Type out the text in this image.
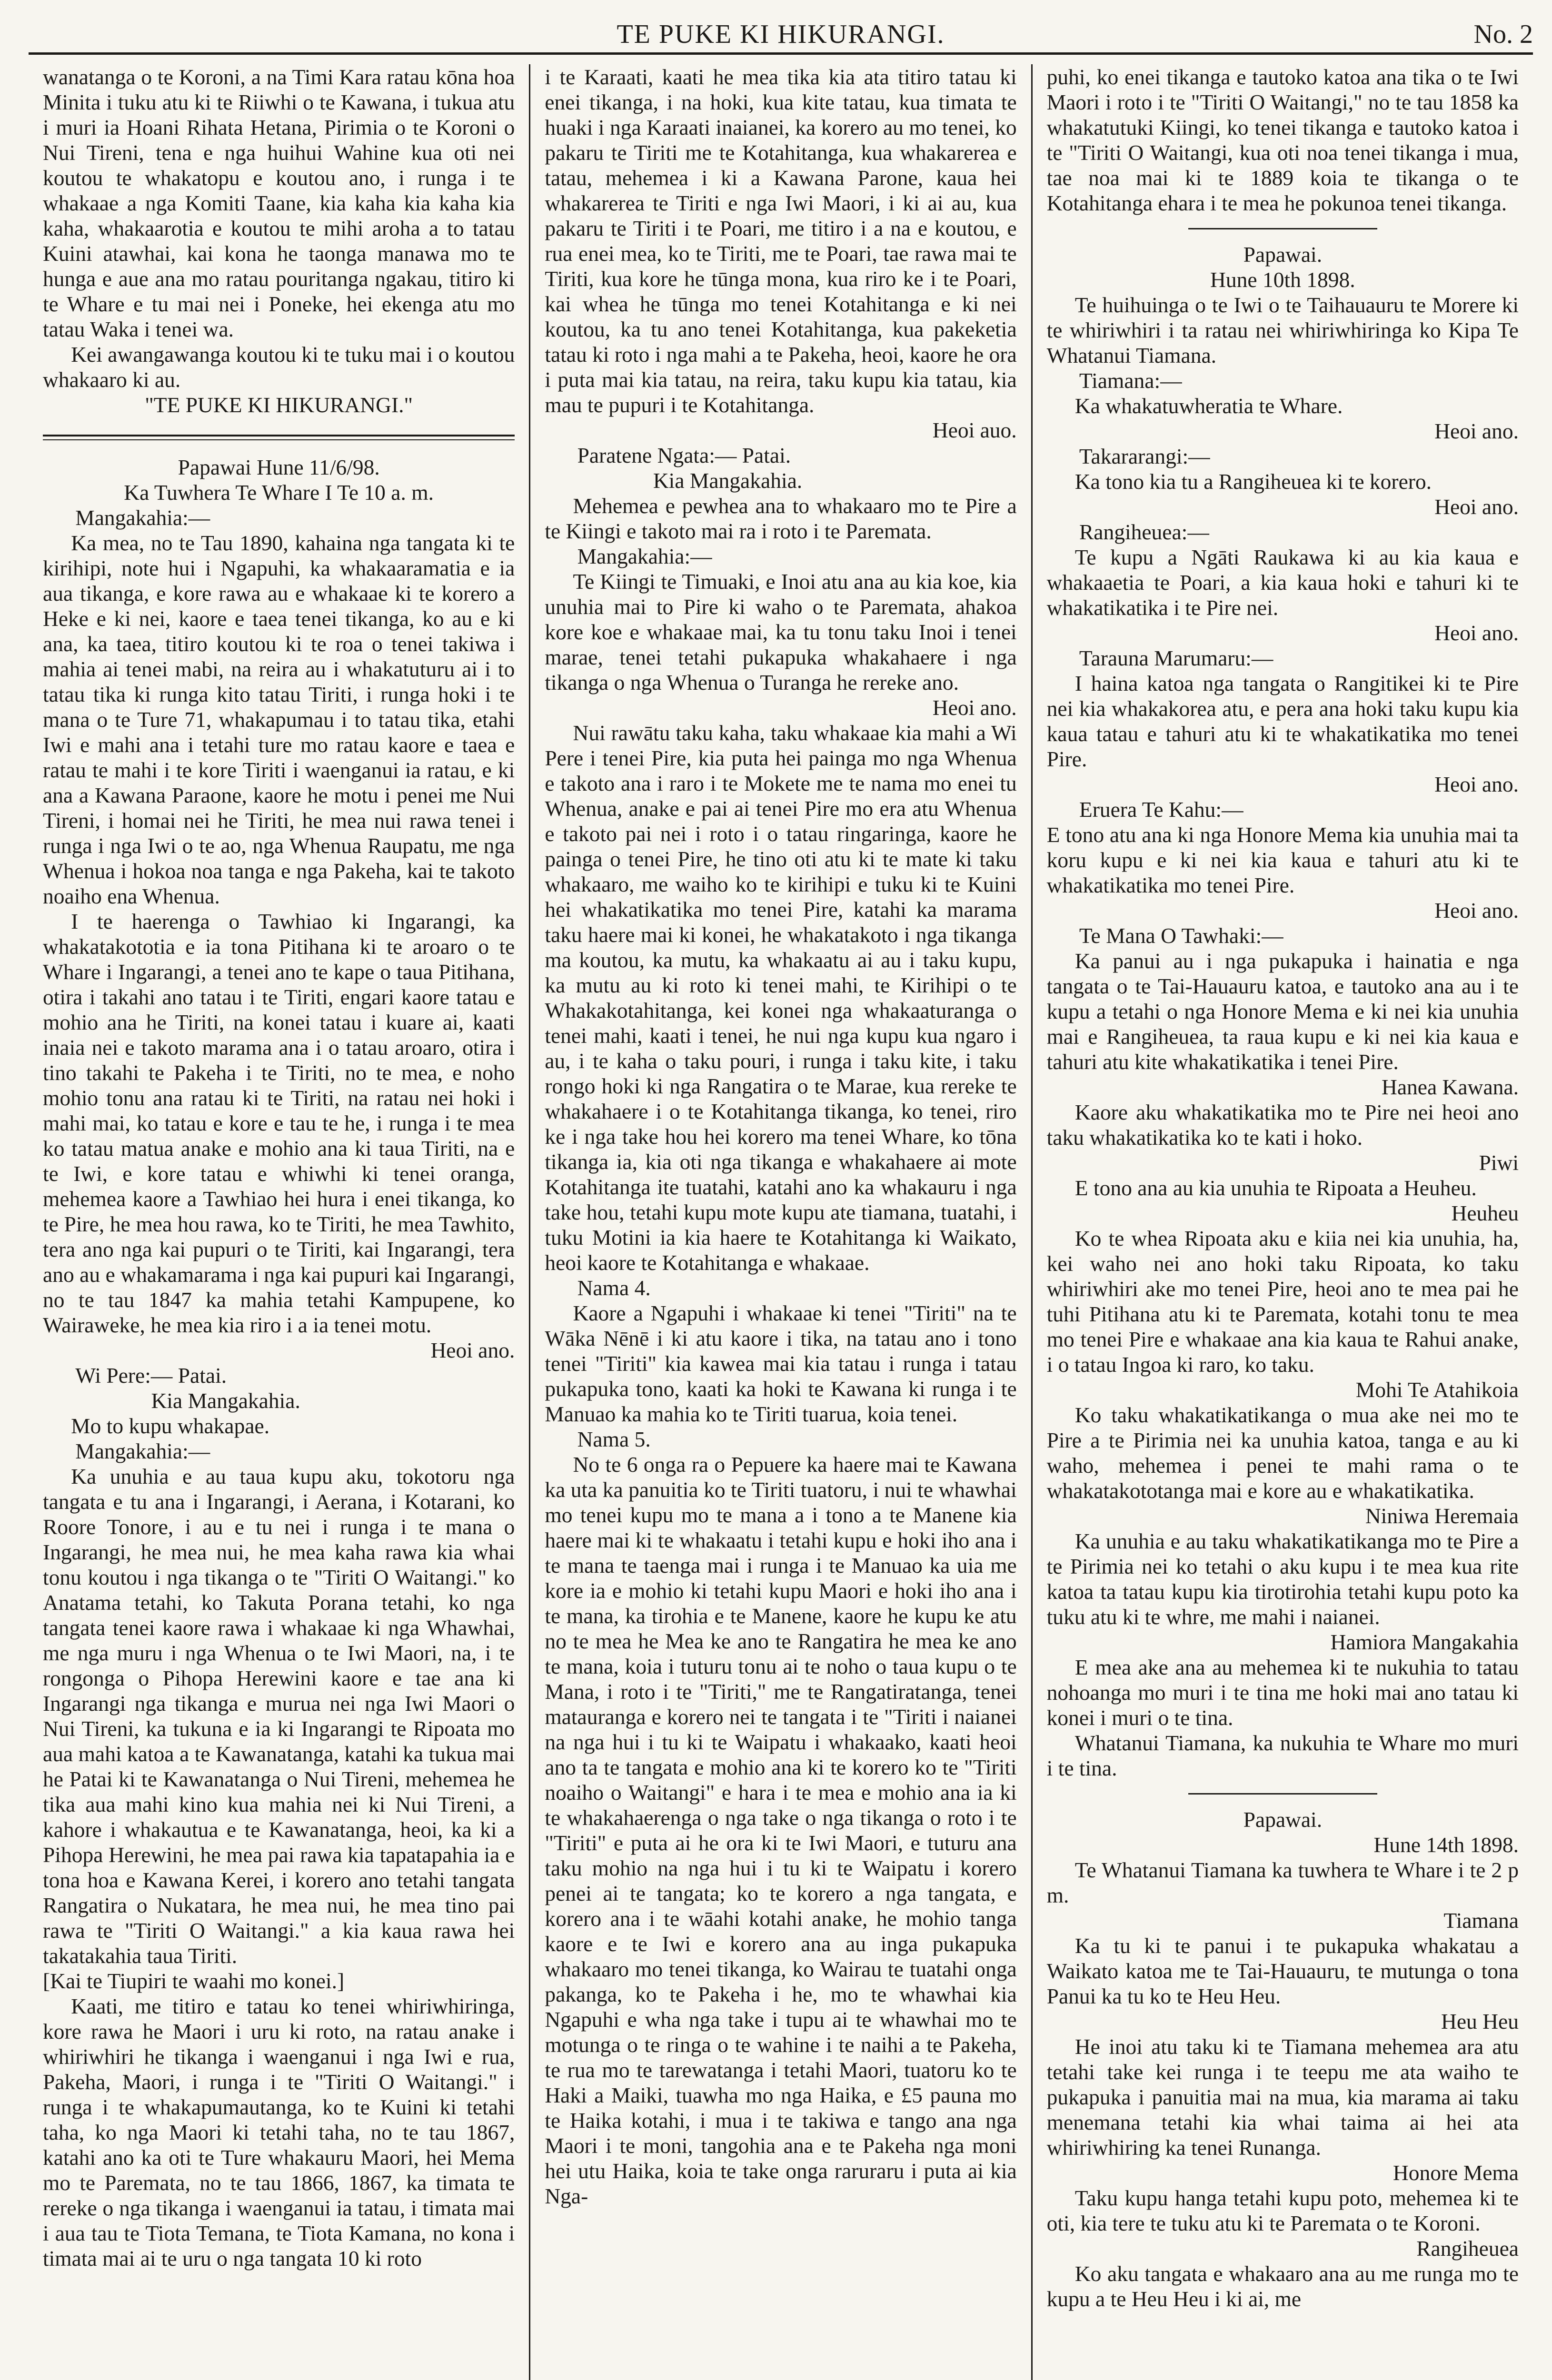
TE PUKE KI HIKURANGI.	No. 2

wanatanga o te Koroni, a na Timi Kara ratau kōna hoa Minita i tuku atu ki te Riiwhi o te Kawana, i tukua atu i muri ia Hoani Rihata Hetana, Pirimia o te Koroni o Nui Tireni, tena e nga huihui Wahine kua oti nei koutou te whakatopu e koutou ano, i runga i te whakaae a nga Komiti Taane, kia kaha kia kaha kia kaha, whakaarotia e koutou te mihi aroha a to tatau Kuini atawhai, kai kona he taonga manawa mo te hunga e aue ana mo ratau pouritanga ngakau, titiro ki te Whare e tu mai nei i Poneke, hei ekenga atu mo tatau Waka i tenei wa.

Kei awangawanga koutou ki te tuku mai i o koutou whakaaro ki au.

"TE PUKE KI HIKURANGI."

Papawai Hune 11/6/98.

Ka Tuwhera Te Whare I Te 10 a. m.

Mangakahia:—

Ka mea, no te Tau 1890, kahaina nga tangata ki te kirihipi, note hui i Ngapuhi, ka whakaaramatia e ia aua tikanga, e kore rawa au e whakaae ki te korero a Heke e ki nei, kaore e taea tenei tikanga, ko au e ki ana, ka taea, titiro koutou ki te roa o tenei takiwa i mahia ai tenei mabi, na reira au i whakatuturu ai i to tatau tika ki runga kito tatau Tiriti, i runga hoki i te mana o te Ture 71, whakapumau i to tatau tika, etahi Iwi e mahi ana i tetahi ture mo ratau kaore e taea e ratau te mahi i te kore Tiriti i waenganui ia ratau, e ki ana a Kawana Paraone, kaore he motu i penei me Nui Tireni, i homai nei he Tiriti, he mea nui rawa tenei i runga i nga Iwi o te ao, nga Whenua Raupatu, me nga Whenua i hokoa noa tanga e nga Pakeha, kai te takoto noaiho ena Whenua.

I te haerenga o Tawhiao ki Ingarangi, ka whakatakototia e ia tona Pitihana ki te aroaro o te Whare i Ingarangi, a tenei ano te kape o taua Pitihana, otira i takahi ano tatau i te Tiriti, engari kaore tatau e mohio ana he Tiriti, na konei tatau i kuare ai, kaati inaia nei e takoto marama ana i o tatau aroaro, otira i tino takahi te Pakeha i te Tiriti, no te mea, e noho mohio tonu ana ratau ki te Tiriti, na ratau nei hoki i mahi mai, ko tatau e kore e tau te he, i runga i te mea ko tatau matua anake e mohio ana ki taua Tiriti, na e te Iwi, e kore tatau e whiwhi ki tenei oranga, mehemea kaore a Tawhiao hei hura i enei tikanga, ko te Pire, he mea hou rawa, ko te Tiriti, he mea Tawhito, tera ano nga kai pupuri o te Tiriti, kai Ingarangi, tera ano au e whakamarama i nga kai pupuri kai Ingarangi, no te tau 1847 ka mahia tetahi Kampupene, ko Wairaweke, he mea kia riro i a ia tenei motu.

Heoi ano.

Wi Pere:— Patai.

Kia Mangakahia.

Mo to kupu whakapae.

Mangakahia:—

Ka unuhia e au taua kupu aku, tokotoru nga tangata e tu ana i Ingarangi, i Aerana, i Kotarani, ko Roore Tonore, i au e tu nei i runga i te mana o Ingarangi, he mea nui, he mea kaha rawa kia whai tonu koutou i nga tikanga o te "Tiriti O Waitangi." ko Anatama tetahi, ko Takuta Porana tetahi, ko nga tangata tenei kaore rawa i whakaae ki nga Whawhai, me nga muru i nga Whenua o te Iwi Maori, na, i te rongonga o Pihopa Herewini kaore e tae ana ki Ingarangi nga tikanga e murua nei nga Iwi Maori o Nui Tireni, ka tukuna e ia ki Ingarangi te Ripoata mo aua mahi katoa a te Kawanatanga, katahi ka tukua mai he Patai ki te Kawanatanga o Nui Tireni, mehemea he tika aua mahi kino kua mahia nei ki Nui Tireni, a kahore i whakautua e te Kawanatanga, heoi, ka ki a Pihopa Herewini, he mea pai rawa kia tapatapahia ia e tona hoa e Kawana Kerei, i korero ano tetahi tangata Rangatira o Nukatara, he mea nui, he mea tino pai rawa te "Tiriti O Waitangi." a kia kaua rawa hei takatakahia taua Tiriti.

[Kai te Tiupiri te waahi mo konei.]

Kaati, me titiro e tatau ko tenei whiriwhiringa, kore rawa he Maori i uru ki roto, na ratau anake i whiriwhiri he tikanga i waenganui i nga Iwi e rua, Pakeha, Maori, i runga i te "Tiriti O Waitangi." i runga i te whakapumautanga, ko te Kuini ki tetahi taha, ko nga Maori ki tetahi taha, no te tau 1867, katahi ano ka oti te Ture whakauru Maori, hei Mema mo te Paremata, no te tau 1866, 1867, ka timata te rereke o nga tikanga i waenganui ia tatau, i timata mai i aua tau te Tiota Temana, te Tiota Kamana, no kona i timata mai ai te uru o nga tangata 10 ki roto

i te Karaati, kaati he mea tika kia ata titiro tatau ki enei tikanga, i na hoki, kua kite tatau, kua timata te huaki i nga Karaati inaianei, ka korero au mo tenei, ko pakaru te Tiriti me te Kotahitanga, kua whakarerea e tatau, mehemea i ki a Kawana Parone, kaua hei whakarerea te Tiriti e nga Iwi Maori, i ki ai au, kua pakaru te Tiriti i te Poari, me titiro i a na e koutou, e rua enei mea, ko te Tiriti, me te Poari, tae rawa mai te Tiriti, kua kore he tūnga mona, kua riro ke i te Poari, kai whea he tūnga mo tenei Kotahitanga e ki nei koutou, ka tu ano tenei Kotahitanga, kua pakeketia tatau ki roto i nga mahi a te Pakeha, heoi, kaore he ora i puta mai kia tatau, na reira, taku kupu kia tatau, kia mau te pupuri i te Kotahitanga.

Heoi auo.

Paratene Ngata:— Patai.

Kia Mangakahia.

Mehemea e pewhea ana to whakaaro mo te Pire a te Kiingi e takoto mai ra i roto i te Paremata.

Mangakahia:—

Te Kiingi te Timuaki, e Inoi atu ana au kia koe, kia unuhia mai to Pire ki waho o te Paremata, ahakoa kore koe e whakaae mai, ka tu tonu taku Inoi i tenei marae, tenei tetahi pukapuka whakahaere i nga tikanga o nga Whenua o Turanga he rereke ano.

Heoi ano.

Nui rawātu taku kaha, taku whakaae kia mahi a Wi Pere i tenei Pire, kia puta hei painga mo nga Whenua e takoto ana i raro i te Mokete me te nama mo enei tu Whenua, anake e pai ai tenei Pire mo era atu Whenua e takoto pai nei i roto i o tatau ringaringa, kaore he painga o tenei Pire, he tino oti atu ki te mate ki taku whakaaro, me waiho ko te kirihipi e tuku ki te Kuini hei whakatikatika mo tenei Pire, katahi ka marama taku haere mai ki konei, he whakatakoto i nga tikanga ma koutou, ka mutu, ka whakaatu ai au i taku kupu, ka mutu au ki roto ki tenei mahi, te Kirihipi o te Whakakotahitanga, kei konei nga whakaaturanga o tenei mahi, kaati i tenei, he nui nga kupu kua ngaro i au, i te kaha o taku pouri, i runga i taku kite, i taku rongo hoki ki nga Rangatira o te Marae, kua rereke te whakahaere i o te Kotahitanga tikanga, ko tenei, riro ke i nga take hou hei korero ma tenei Whare, ko tōna tikanga ia, kia oti nga tikanga e whakahaere ai mote Kotahitanga ite tuatahi, katahi ano ka whakauru i nga take hou, tetahi kupu mote kupu ate tiamana, tuatahi, i tuku Motini ia kia haere te Kotahitanga ki Waikato, heoi kaore te Kotahitanga e whakaae.

Nama 4.

Kaore a Ngapuhi i whakaae ki tenei "Tiriti" na te Wāka Nēnē i ki atu kaore i tika, na tatau ano i tono tenei "Tiriti" kia kawea mai kia tatau i runga i tatau pukapuka tono, kaati ka hoki te Kawana ki runga i te Manuao ka mahia ko te Tiriti tuarua, koia tenei.

Nama 5.

No te 6 onga ra o Pepuere ka haere mai te Kawana ka uta ka panuitia ko te Tiriti tuatoru, i nui te whawhai mo tenei kupu mo te mana a i tono a te Manene kia haere mai ki te whakaatu i tetahi kupu e hoki iho ana i te mana te taenga mai i runga i te Manuao ka uia me kore ia e mohio ki tetahi kupu Maori e hoki iho ana i te mana, ka tirohia e te Manene, kaore he kupu ke atu no te mea he Mea ke ano te Rangatira he mea ke ano te mana, koia i tuturu tonu ai te noho o taua kupu o te Mana, i roto i te "Tiriti," me te Rangatiratanga, tenei matauranga e korero nei te tangata i te "Tiriti i naianei na nga hui i tu ki te Waipatu i whakaako, kaati heoi ano ta te tangata e mohio ana ki te korero ko te "Tiriti noaiho o Waitangi" e hara i te mea e mohio ana ia ki te whakahaerenga o nga take o nga tikanga o roto i te "Tiriti" e puta ai he ora ki te Iwi Maori, e tuturu ana taku mohio na nga hui i tu ki te Waipatu i korero penei ai te tangata; ko te korero a nga tangata, e korero ana i te wāahi kotahi anake, he mohio tanga kaore e te Iwi e korero ana au inga pukapuka whakaaro mo tenei tikanga, ko Wairau te tuatahi onga pakanga, ko te Pakeha i he, mo te whawhai kia Ngapuhi e wha nga take i tupu ai te whawhai mo te motunga o te ringa o te wahine i te naihi a te Pakeha, te rua mo te tarewatanga i tetahi Maori, tuatoru ko te Haki a Maiki, tuawha mo nga Haika, e £5 pauna mo te Haika kotahi, i mua i te takiwa e tango ana nga Maori i te moni, tangohia ana e te Pakeha nga moni hei utu Haika, koia te take onga raruraru i puta ai kia Nga-

puhi, ko enei tikanga e tautoko katoa ana tika o te Iwi Maori i roto i te "Tiriti O Waitangi," no te tau 1858 ka whakatutuki Kiingi, ko tenei tikanga e tautoko katoa i te "Tiriti O Waitangi, kua oti noa tenei tikanga i mua, tae noa mai ki te 1889 koia te tikanga o te Kotahitanga ehara i te mea he pokunoa tenei tikanga.

Papawai.

Hune 10th 1898.

Te huihuinga o te Iwi o te Taihauauru te Morere ki te whiriwhiri i ta ratau nei whiriwhiringa ko Kipa Te Whatanui Tiamana.

Tiamana:—

Ka whakatuwheratia te Whare.

Heoi ano.

Takararangi:—

Ka tono kia tu a Rangiheuea ki te korero.

Heoi ano.

Rangiheuea:—

Te kupu a Ngāti Raukawa ki au kia kaua e whakaaetia te Poari, a kia kaua hoki e tahuri ki te whakatikatika i te Pire nei.

Heoi ano.

Tarauna Marumaru:—

I haina katoa nga tangata o Rangitikei ki te Pire nei kia whakakorea atu, e pera ana hoki taku kupu kia kaua tatau e tahuri atu ki te whakatikatika mo tenei Pire.

Heoi ano.

Eruera Te Kahu:—

E tono atu ana ki nga Honore Mema kia unuhia mai ta koru kupu e ki nei kia kaua e tahuri atu ki te whakatikatika mo tenei Pire.

Heoi ano.

Te Mana O Tawhaki:—

Ka panui au i nga pukapuka i hainatia e nga tangata o te Tai-Hauauru katoa, e tautoko ana au i te kupu a tetahi o nga Honore Mema e ki nei kia unuhia mai e Rangiheuea, ta raua kupu e ki nei kia kaua e tahuri atu kite whakatikatika i tenei Pire.

Hanea Kawana.

Kaore aku whakatikatika mo te Pire nei heoi ano taku whakatikatika ko te kati i hoko.

Piwi

E tono ana au kia unuhia te Ripoata a Heuheu.

Heuheu

Ko te whea Ripoata aku e kiia nei kia unuhia, ha, kei waho nei ano hoki taku Ripoata, ko taku whiriwhiri ake mo tenei Pire, heoi ano te mea pai he tuhi Pitihana atu ki te Paremata, kotahi tonu te mea mo tenei Pire e whakaae ana kia kaua te Rahui anake, i o tatau Ingoa ki raro, ko taku.

Mohi Te Atahikoia

Ko taku whakatikatikanga o mua ake nei mo te Pire a te Pirimia nei ka unuhia katoa, tanga e au ki waho, mehemea i penei te mahi rama o te whakatakototanga mai e kore au e whakatikatika.

Niniwa Heremaia

Ka unuhia e au taku whakatikatikanga mo te Pire a te Pirimia nei ko tetahi o aku kupu i te mea kua rite katoa ta tatau kupu kia tirotirohia tetahi kupu poto ka tuku atu ki te whre, me mahi i naianei.

Hamiora Mangakahia

E mea ake ana au mehemea ki te nukuhia to tatau nohoanga mo muri i te tina me hoki mai ano tatau ki konei i muri o te tina.

Whatanui Tiamana, ka nukuhia te Whare mo muri i te tina.

Papawai.

Hune 14th 1898.

Te Whatanui Tiamana ka tuwhera te Whare i te 2 p m.

Tiamana

Ka tu ki te panui i te pukapuka whakatau a Waikato katoa me te Tai-Hauauru, te mutunga o tona Panui ka tu ko te Heu Heu.

Heu Heu

He inoi atu taku ki te Tiamana mehemea ara atu tetahi take kei runga i te teepu me ata waiho te pukapuka i panuitia mai na mua, kia marama ai taku menemana tetahi kia whai taima ai hei ata whiriwhiring ka tenei Runanga.

Honore Mema

Taku kupu hanga tetahi kupu poto, mehemea ki te oti, kia tere te tuku atu ki te Paremata o te Koroni.

Rangiheuea

Ko aku tangata e whakaaro ana au me runga mo te kupu a te Heu Heu i ki ai, me
